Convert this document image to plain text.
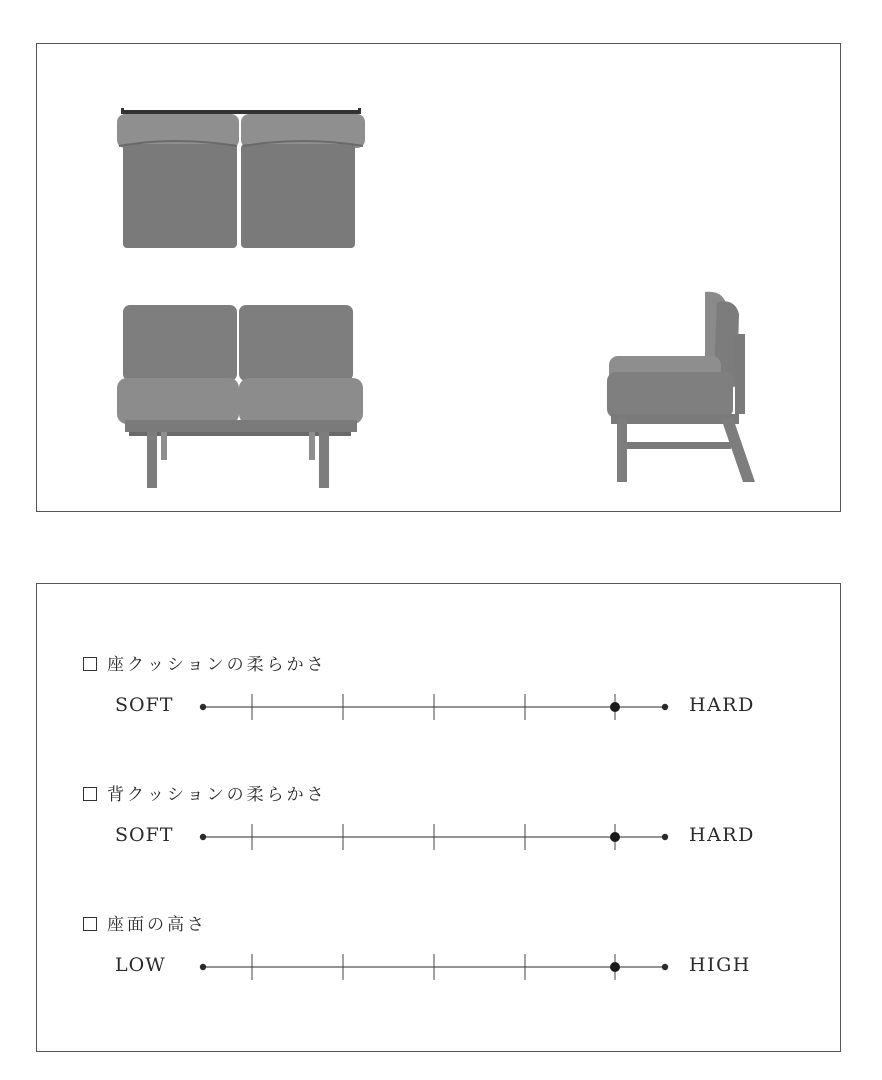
座クッションの柔らかさ
SOFT	HARD
背クッションの柔らかさ
SOFT	HARD
座面の高さ
LOW	HIGH
